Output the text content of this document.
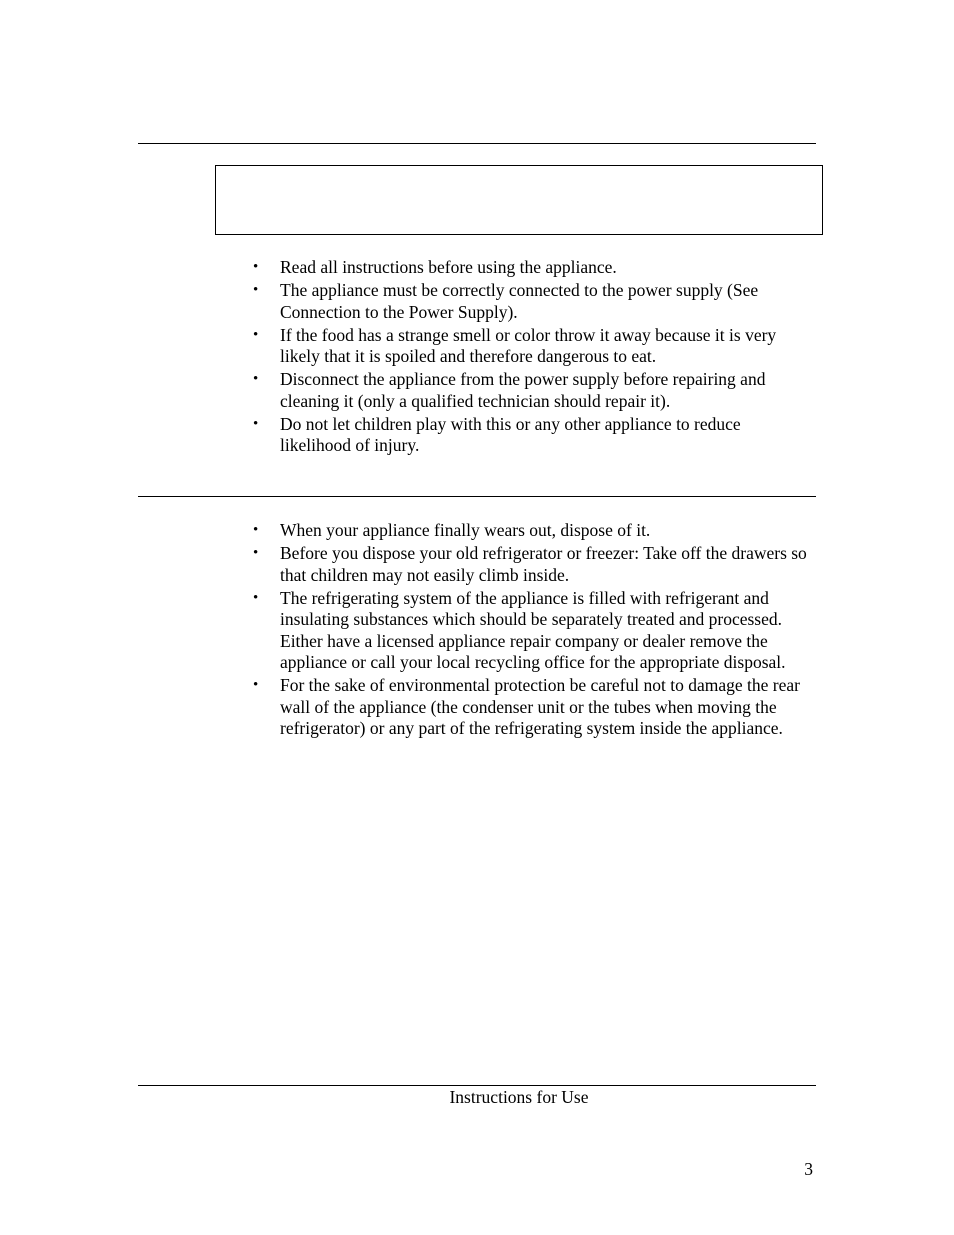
• Read all instructions before using the appliance.
• The appliance must be correctly connected to the power supply (See Connection to the Power Supply).
• If the food has a strange smell or color throw it away because it is very likely that it is spoiled and therefore dangerous to eat.
• Disconnect the appliance from the power supply before repairing and cleaning it (only a qualified technician should repair it).
• Do not let children play with this or any other appliance to reduce likelihood of injury.
• When your appliance finally wears out, dispose of it.
• Before you dispose your old refrigerator or freezer: Take off the drawers so that children may not easily climb inside.
• The refrigerating system of the appliance is filled with refrigerant and insulating substances which should be separately treated and processed. Either have a licensed appliance repair company or dealer remove the appliance or call your local recycling office for the appropriate disposal.
• For the sake of environmental protection be careful not to damage the rear wall of the appliance (the condenser unit or the tubes when moving the refrigerator) or any part of the refrigerating system inside the appliance.
Instructions for Use
3
